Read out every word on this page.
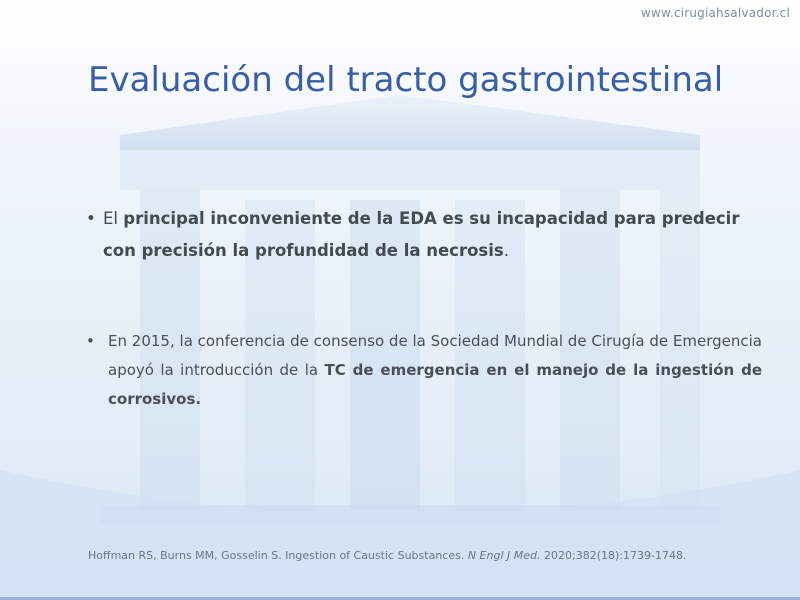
www.cirugiahsalvador.cl
Evaluación del tracto gastrointestinal
• El principal inconveniente de la EDA es su incapacidad para predecir
con precisión la profundidad de la necrosis.
• En 2015, la conferencia de consenso de la Sociedad Mundial de Cirugía de Emergencia apoyó la introducción de la TC de emergencia en el manejo de la ingestión de corrosivos.
Hoffman RS, Burns MM, Gosselin S. Ingestion of Caustic Substances. N Engl J Med. 2020;382(18):1739-1748.
